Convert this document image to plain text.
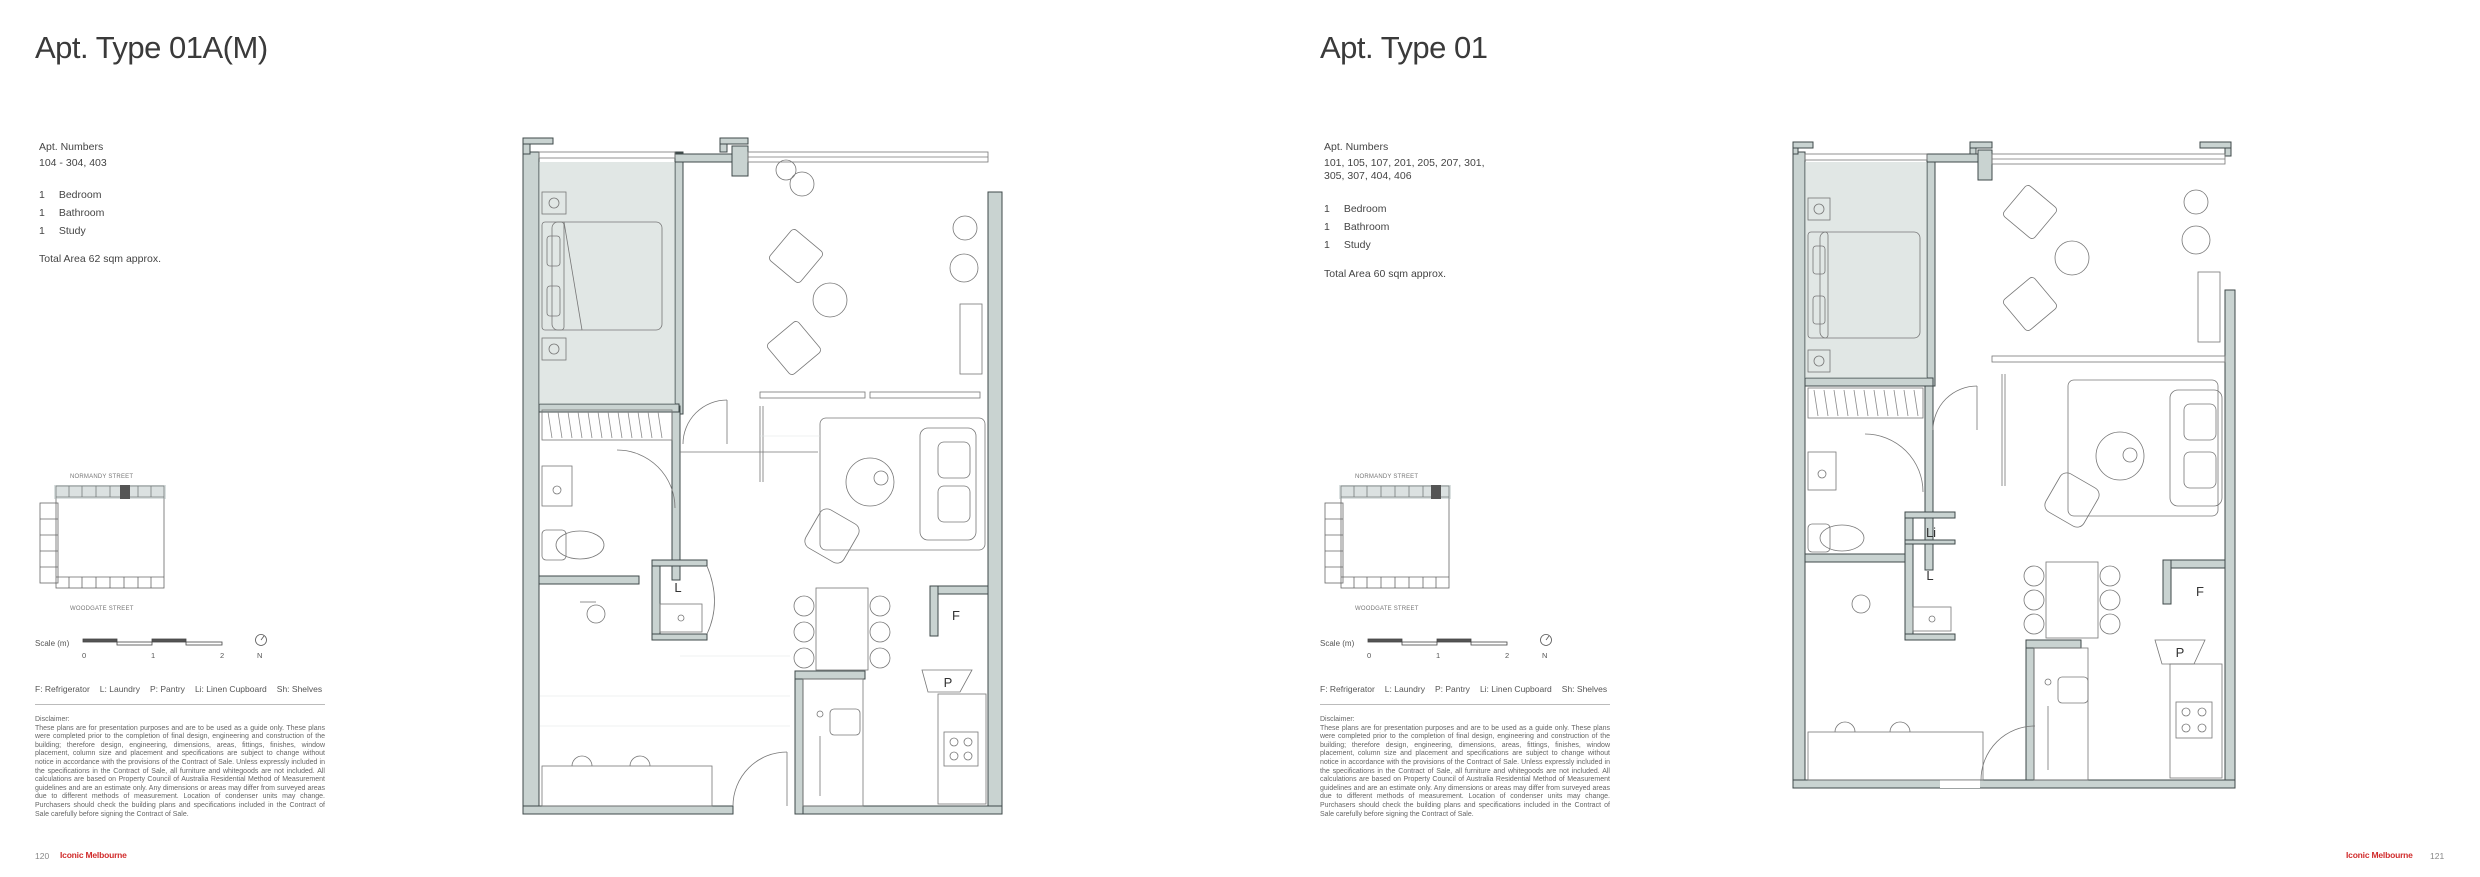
Apt. Type 01A(M)
Apt. Numbers
104 - 304, 403
1 Bedroom
1 Bathroom
1 Study
Total Area 62 sqm approx.
NORMANDY STREET
WOODGATE STREET
Scale (m)
0	1	2	N
F: Refrigerator L: Laundry P: Pantry Li: Linen Cupboard Sh: Shelves
Disclaimer:
These plans are for presentation purposes and are to be used as a guide only. These plans were completed prior to the completion of final design, engineering and construction of the building; therefore design, engineering, dimensions, areas, fittings, finishes, window placement, column size and placement and specifications are subject to change without notice in accordance with the provisions of the Contract of Sale. Unless expressly included in the specifications in the Contract of Sale, all furniture and whitegoods are not included. All calculations are based on Property Council of Australia Residential Method of Measurement guidelines and are an estimate only. Any dimensions or areas may differ from surveyed areas due to different methods of measurement. Location of condenser units may change. Purchasers should check the building plans and specifications included in the Contract of Sale carefully before signing the Contract of Sale.
120 Iconic Melbourne
L
F
P
Apt. Type 01
Apt. Numbers
101, 105, 107, 201, 205, 207, 301,
305, 307, 404, 406
1 Bedroom
1 Bathroom
1 Study
Total Area 60 sqm approx.
NORMANDY STREET
WOODGATE STREET
Scale (m)
0	1	2	N
F: Refrigerator L: Laundry P: Pantry Li: Linen Cupboard Sh: Shelves
Disclaimer:
These plans are for presentation purposes and are to be used as a guide only. These plans were completed prior to the completion of final design, engineering and construction of the building; therefore design, engineering, dimensions, areas, fittings, finishes, window placement, column size and placement and specifications are subject to change without notice in accordance with the provisions of the Contract of Sale. Unless expressly included in the specifications in the Contract of Sale, all furniture and whitegoods are not included. All calculations are based on Property Council of Australia Residential Method of Measurement guidelines and are an estimate only. Any dimensions or areas may differ from surveyed areas due to different methods of measurement. Location of condenser units may change. Purchasers should check the building plans and specifications included in the Contract of Sale carefully before signing the Contract of Sale.
Iconic Melbourne 121
Li
L
F
P
